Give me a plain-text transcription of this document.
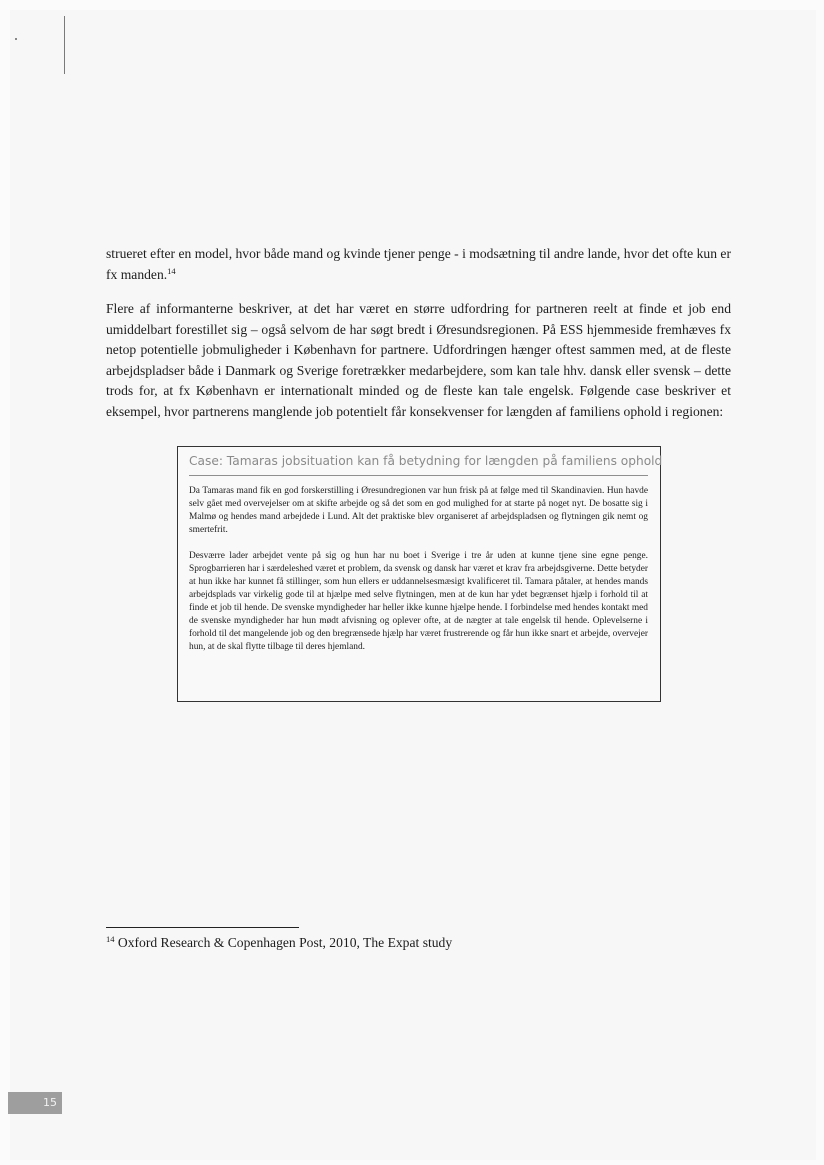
strueret efter en model, hvor både mand og kvinde tjener penge - i modsætning til andre lande, hvor det ofte kun er fx manden.$^{14}$

Flere af informanterne beskriver, at det har været en større udfordring for partneren reelt at finde et job end umiddelbart forestillet sig – også selvom de har søgt bredt i Øresundsregionen. På ESS hjemmeside fremhæves fx netop potentielle jobmuligheder i København for partnere. Udfordringen hænger oftest sammen med, at de fleste arbejdspladser både i Danmark og Sverige foretrækker medarbejdere, som kan tale hhv. dansk eller svensk – dette trods for, at fx København er internationalt minded og de fleste kan tale engelsk. Følgende case beskriver et eksempel, hvor partnerens manglende job potentielt får konsekvenser for længden af familiens ophold i regionen:

Case: Tamaras jobsituation kan få betydning for længden på familiens ophold

Da Tamaras mand fik en god forskerstilling i Øresundregionen var hun frisk på at følge med til Skandinavien. Hun havde selv gået med overvejelser om at skifte arbejde og så det som en god mulighed for at starte på noget nyt. De bosatte sig i Malmø og hendes mand arbejdede i Lund. Alt det praktiske blev organiseret af arbejdspladsen og flytningen gik nemt og smertefrit.

Desværre lader arbejdet vente på sig og hun har nu boet i Sverige i tre år uden at kunne tjene sine egne penge. Sprogbarrieren har i særdeleshed været et problem, da svensk og dansk har været et krav fra arbejdsgiverne. Dette betyder at hun ikke har kunnet få stillinger, som hun ellers er uddannelsesmæsigt kvalificeret til. Tamara påtaler, at hendes mands arbejdsplads var virkelig gode til at hjælpe med selve flytningen, men at de kun har ydet begrænset hjælp i forhold til at finde et job til hende. De svenske myndigheder har heller ikke kunne hjælpe hende. I forbindelse med hendes kontakt med de svenske myndigheder har hun mødt afvisning og oplever ofte, at de nægter at tale engelsk til hende. Oplevelserne i forhold til det mangelende job og den bregrænsede hjælp har været frustrerende og får hun ikke snart et arbejde, overvejer hun, at de skal flytte tilbage til deres hjemland.

$^{14}$ Oxford Research & Copenhagen Post, 2010, The Expat study
15
